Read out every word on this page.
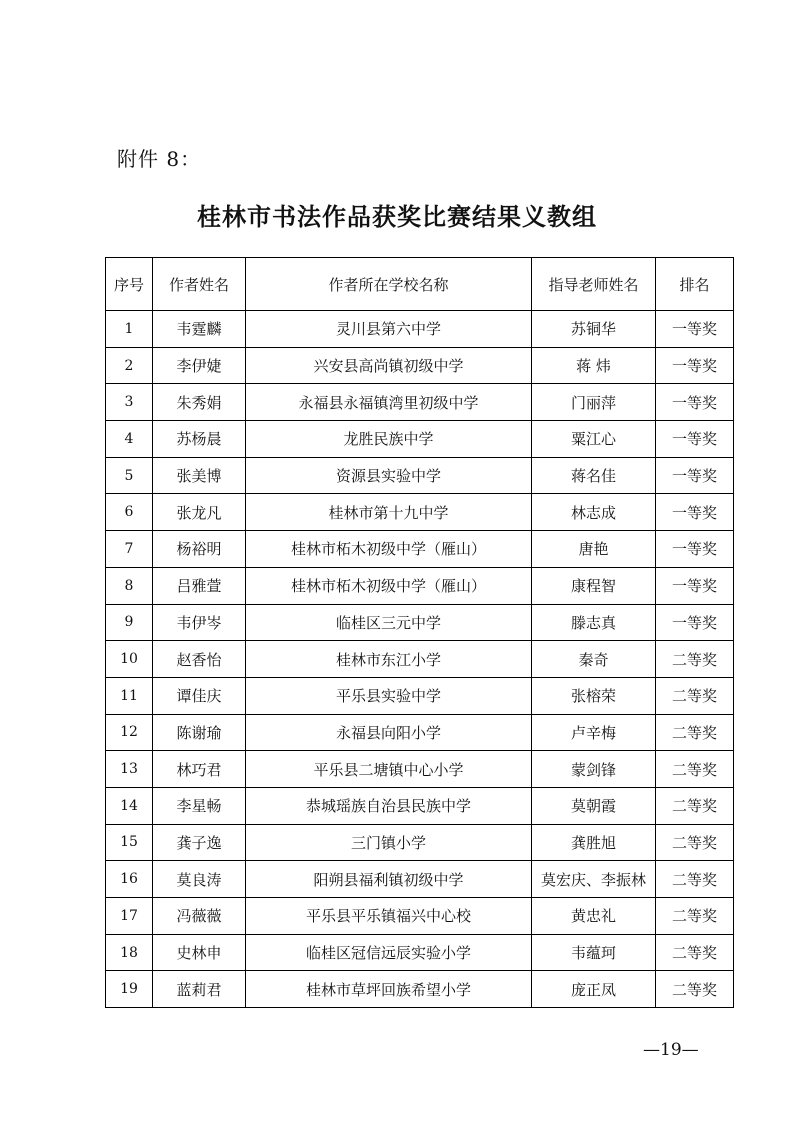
附件 8：
桂林市书法作品获奖比赛结果义教组
序号	作者姓名	作者所在学校名称	指导老师姓名	排名
1	韦霆麟	灵川县第六中学	苏铜华	一等奖
2	李伊婕	兴安县高尚镇初级中学	蒋 炜	一等奖
3	朱秀娟	永福县永福镇湾里初级中学	门丽萍	一等奖
4	苏杨晨	龙胜民族中学	粟江心	一等奖
5	张美博	资源县实验中学	蒋名佳	一等奖
6	张龙凡	桂林市第十九中学	林志成	一等奖
7	杨裕明	桂林市柘木初级中学（雁山）	唐艳	一等奖
8	吕雅萱	桂林市柘木初级中学（雁山）	康程智	一等奖
9	韦伊岑	临桂区三元中学	滕志真	一等奖
10	赵香怡	桂林市东江小学	秦奇	二等奖
11	谭佳庆	平乐县实验中学	张榕荣	二等奖
12	陈谢瑜	永福县向阳小学	卢辛梅	二等奖
13	林巧君	平乐县二塘镇中心小学	蒙剑锋	二等奖
14	李星畅	恭城瑶族自治县民族中学	莫朝霞	二等奖
15	龚子逸	三门镇小学	龚胜旭	二等奖
16	莫良涛	阳朔县福利镇初级中学	莫宏庆、李振林	二等奖
17	冯薇薇	平乐县平乐镇福兴中心校	黄忠礼	二等奖
18	史林申	临桂区冠信远辰实验小学	韦蕴珂	二等奖
19	蓝莉君	桂林市草坪回族希望小学	庞正凤	二等奖
—19—
